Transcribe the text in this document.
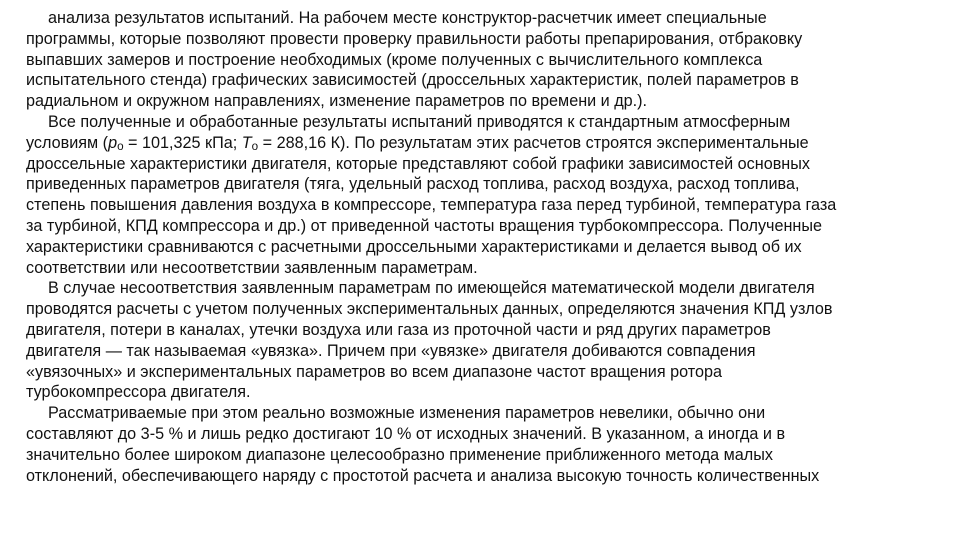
анализа результатов испытаний. На рабочем месте конструктор-расчетчик имеет специальные
программы, которые позволяют провести проверку правильности работы препарирования, отбраковку
выпавших замеров и построение необходимых (кроме полученных с вычислительного комплекса
испытательного стенда) графических зависимостей (дроссельных характеристик, полей параметров в
радиальном и окружном направлениях, изменение параметров по времени и др.).

Все полученные и обработанные результаты испытаний приводятся к стандартным атмосферным
условиям ($p_o = 101,325$ кПа; $T_o = 288,16$ К). По результатам этих расчетов строятся экспериментальные
дроссельные характеристики двигателя, которые представляют собой графики зависимостей основных
приведенных параметров двигателя (тяга, удельный расход топлива, расход воздуха, расход топлива,
степень повышения давления воздуха в компрессоре, температура газа перед турбиной, температура газа
за турбиной, КПД компрессора и др.) от приведенной частоты вращения турбокомпрессора. Полученные
характеристики сравниваются с расчетными дроссельными характеристиками и делается вывод об их
соответствии или несоответствии заявленным параметрам.

В случае несоответствия заявленным параметрам по имеющейся математической модели двигателя
проводятся расчеты с учетом полученных экспериментальных данных, определяются значения КПД узлов
двигателя, потери в каналах, утечки воздуха или газа из проточной части и ряд других параметров
двигателя — так называемая «увязка». Причем при «увязке» двигателя добиваются совпадения
«увязочных» и экспериментальных параметров во всем диапазоне частот вращения ротора
турбокомпрессора двигателя.

Рассматриваемые при этом реально возможные изменения параметров невелики, обычно они
составляют до 3-5 % и лишь редко достигают 10 % от исходных значений. В указанном, а иногда и в
значительно более широком диапазоне целесообразно применение приближенного метода малых
отклонений, обеспечивающего наряду с простотой расчета и анализа высокую точность количественных
